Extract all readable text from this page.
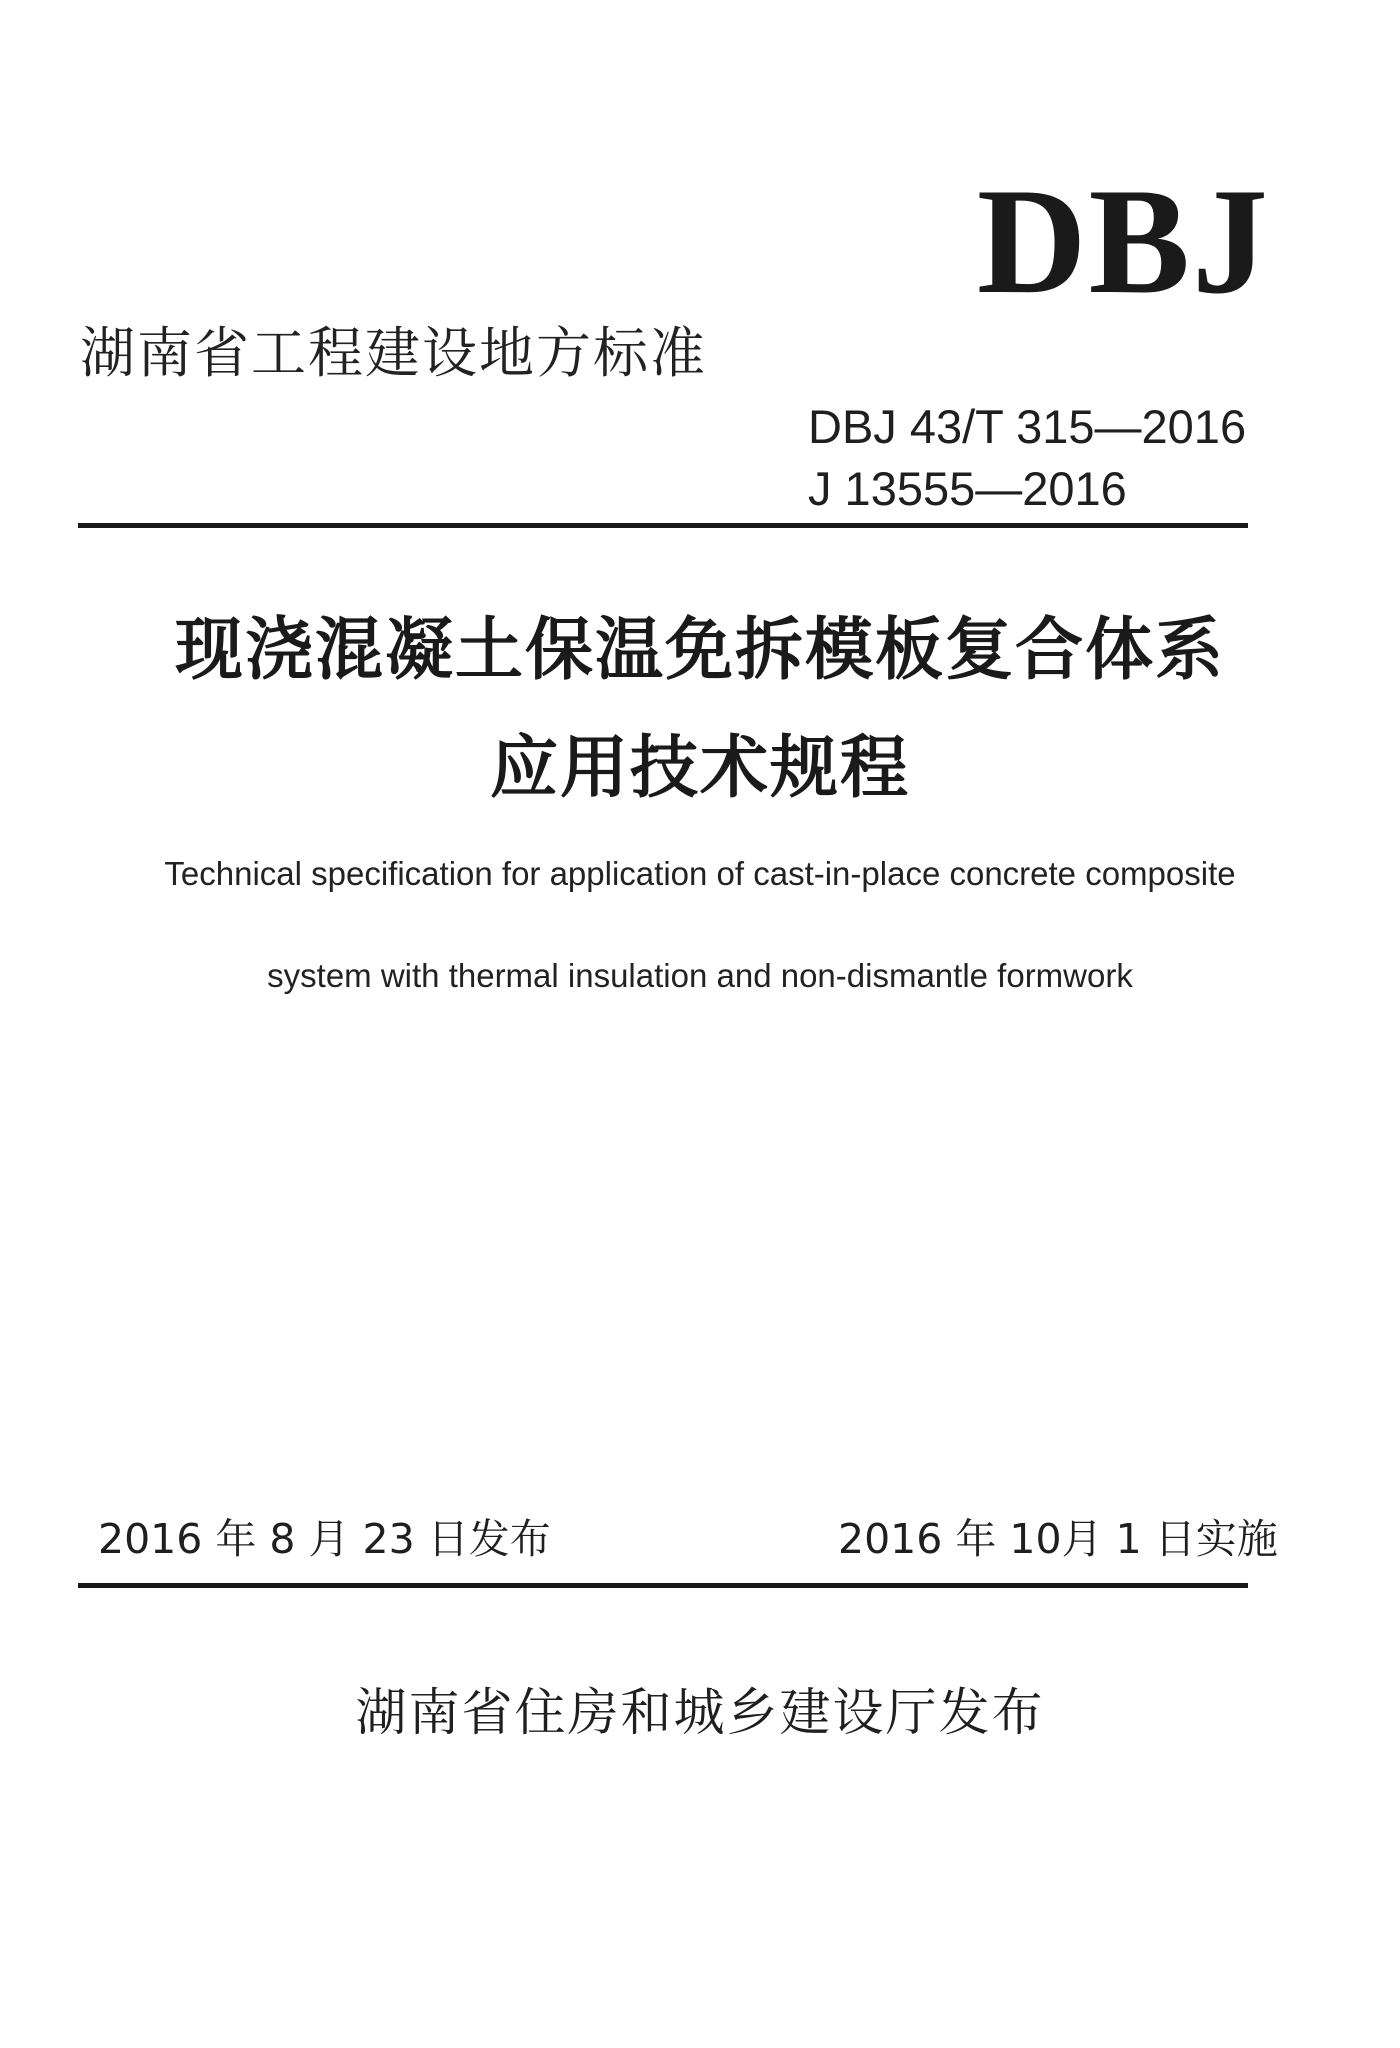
DBJ
湖南省工程建设地方标准
DBJ 43/T 315—2016
J 13555—2016
现浇混凝土保温免拆模板复合体系
应用技术规程
Technical specification for application of cast-in-place concrete composite
system with thermal insulation and non-dismantle formwork
2016 年 8 月 23 日发布	2016 年 10月 1 日实施
湖南省住房和城乡建设厅发布
